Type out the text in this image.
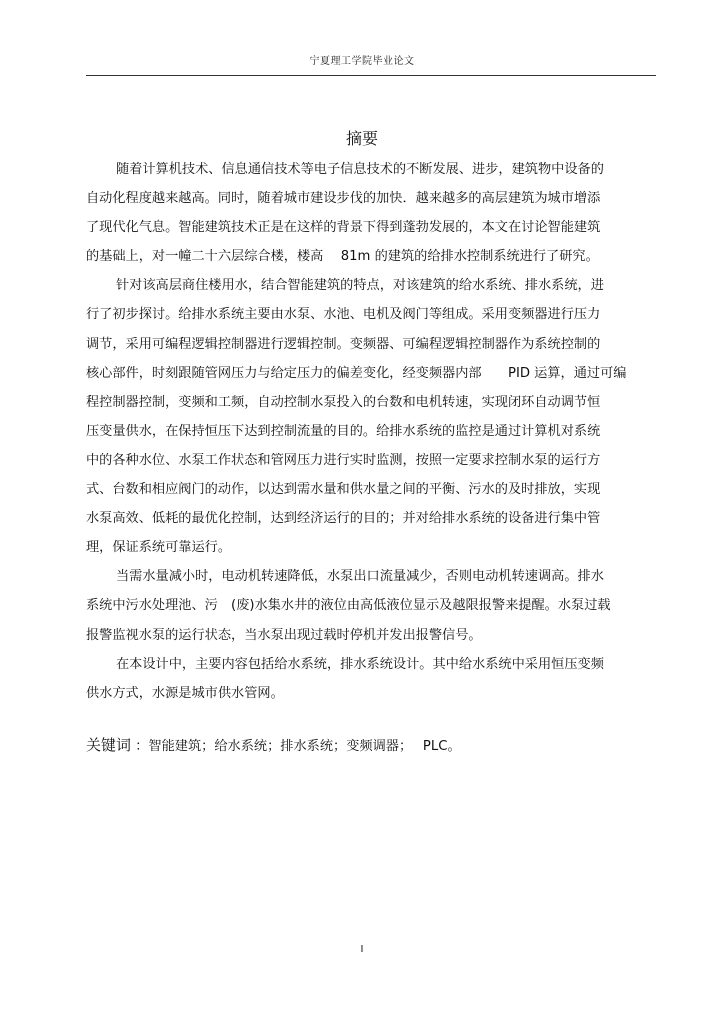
宁夏理工学院毕业论文
摘要
随着计算机技术、信息通信技术等电子信息技术的不断发展、进步，建筑物中设备的
自动化程度越来越高。同时，随着城市建设步伐的加快．越来越多的高层建筑为城市增添
了现代化气息。智能建筑技术正是在这样的背景下得到蓬勃发展的，本文在讨论智能建筑
的基础上，对一幢二十六层综合楼，楼高　 81m 的建筑的给排水控制系统进行了研究。
针对该高层商住楼用水，结合智能建筑的特点，对该建筑的给水系统、排水系统，进
行了初步探讨。给排水系统主要由水泵、水池、电机及阀门等组成。采用变频器进行压力
调节，采用可编程逻辑控制器进行逻辑控制。变频器、可编程逻辑控制器作为系统控制的
核心部件，时刻跟随管网压力与给定压力的偏差变化，经变频器内部　　PID 运算，通过可编
程控制器控制，变频和工频，自动控制水泵投入的台数和电机转速，实现闭环自动调节恒
压变量供水，在保持恒压下达到控制流量的目的。给排水系统的监控是通过计算机对系统
中的各种水位、水泵工作状态和管网压力进行实时监测，按照一定要求控制水泵的运行方
式、台数和相应阀门的动作，以达到需水量和供水量之间的平衡、污水的及时排放，实现
水泵高效、低耗的最优化控制，达到经济运行的目的；并对给排水系统的设备进行集中管
理，保证系统可靠运行。
当需水量减小时，电动机转速降低，水泵出口流量减少，否则电动机转速调高。排水
系统中污水处理池、污　(废)水集水井的液位由高低液位显示及越限报警来提醒。水泵过载
报警监视水泵的运行状态，当水泵出现过载时停机并发出报警信号。
在本设计中，主要内容包括给水系统，排水系统设计。其中给水系统中采用恒压变频
供水方式，水源是城市供水管网。
关键词 ：智能建筑；给水系统；排水系统；变频调器；　 PLC。
I
